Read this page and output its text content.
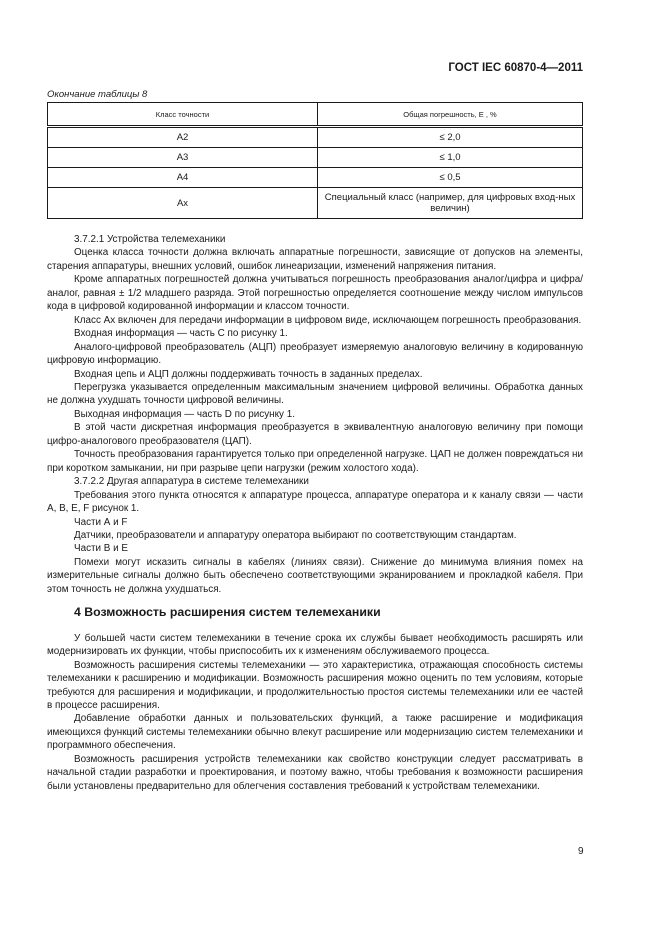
ГОСТ IEC 60870-4—2011
Окончание таблицы 8
Класс точности	Общая погрешность, E , %
А2	≤ 2,0
А3	≤ 1,0
А4	≤ 0,5
Ах	Специальный класс (например, для цифровых вход-ных величин)

3.7.2.1 Устройства телемеханики

Оценка класса точности должна включать аппаратные погрешности, зависящие от допусков на элементы, старения аппаратуры, внешних условий, ошибок линеаризации, изменений напряжения питания.

Кроме аппаратных погрешностей должна учитываться погрешность преобразования аналог/цифра и цифра/аналог, равная ± 1/2 младшего разряда. Этой погрешностью определяется соотношение между числом импульсов кода в цифровой кодированной информации и классом точности.

Класс Ах включен для передачи информации в цифровом виде, исключающем погрешность преобразования.

Входная информация — часть С по рисунку 1.

Аналого-цифровой преобразователь (АЦП) преобразует измеряемую аналоговую величину в кодированную цифровую информацию.

Входная цепь и АЦП должны поддерживать точность в заданных пределах.

Перегрузка указывается определенным максимальным значением цифровой величины. Обработка данных не должна ухудшать точности цифровой величины.

Выходная информация — часть D по рисунку 1.

В этой части дискретная информация преобразуется в эквивалентную аналоговую величину при помощи цифро-аналогового преобразователя (ЦАП).

Точность преобразования гарантируется только при определенной нагрузке. ЦАП не должен повреждаться ни при коротком замыкании, ни при разрыве цепи нагрузки (режим холостого хода).

3.7.2.2 Другая аппаратура в системе телемеханики

Требования этого пункта относятся к аппаратуре процесса, аппаратуре оператора и к каналу связи — части А, В, Е, F рисунок 1.

Части А и F

Датчики, преобразователи и аппаратуру оператора выбирают по соответствующим стандартам.

Части В и Е

Помехи могут исказить сигналы в кабелях (линиях связи). Снижение до минимума влияния помех на измерительные сигналы должно быть обеспечено соответствующими экранированием и прокладкой кабеля. При этом точность не должна ухудшаться.

4 Возможность расширения систем телемеханики

У большей части систем телемеханики в течение срока их службы бывает необходимость расширять или модернизировать их функции, чтобы приспособить их к изменениям обслуживаемого процесса.

Возможность расширения системы телемеханики — это характеристика, отражающая способность системы телемеханики к расширению и модификации. Возможность расширения можно оценить по тем условиям, которые требуются для расширения и модификации, и продолжительностью простоя системы телемеханики или ее частей в процессе расширения.

Добавление обработки данных и пользовательских функций, а также расширение и модификация имеющихся функций системы телемеханики обычно влекут расширение или модернизацию систем телемеханики и программного обеспечения.

Возможность расширения устройств телемеханики как свойство конструкции следует рассматривать в начальной стадии разработки и проектирования, и поэтому важно, чтобы требования к возможности расширения были установлены предварительно для облегчения составления требований к устройствам телемеханики.

9
